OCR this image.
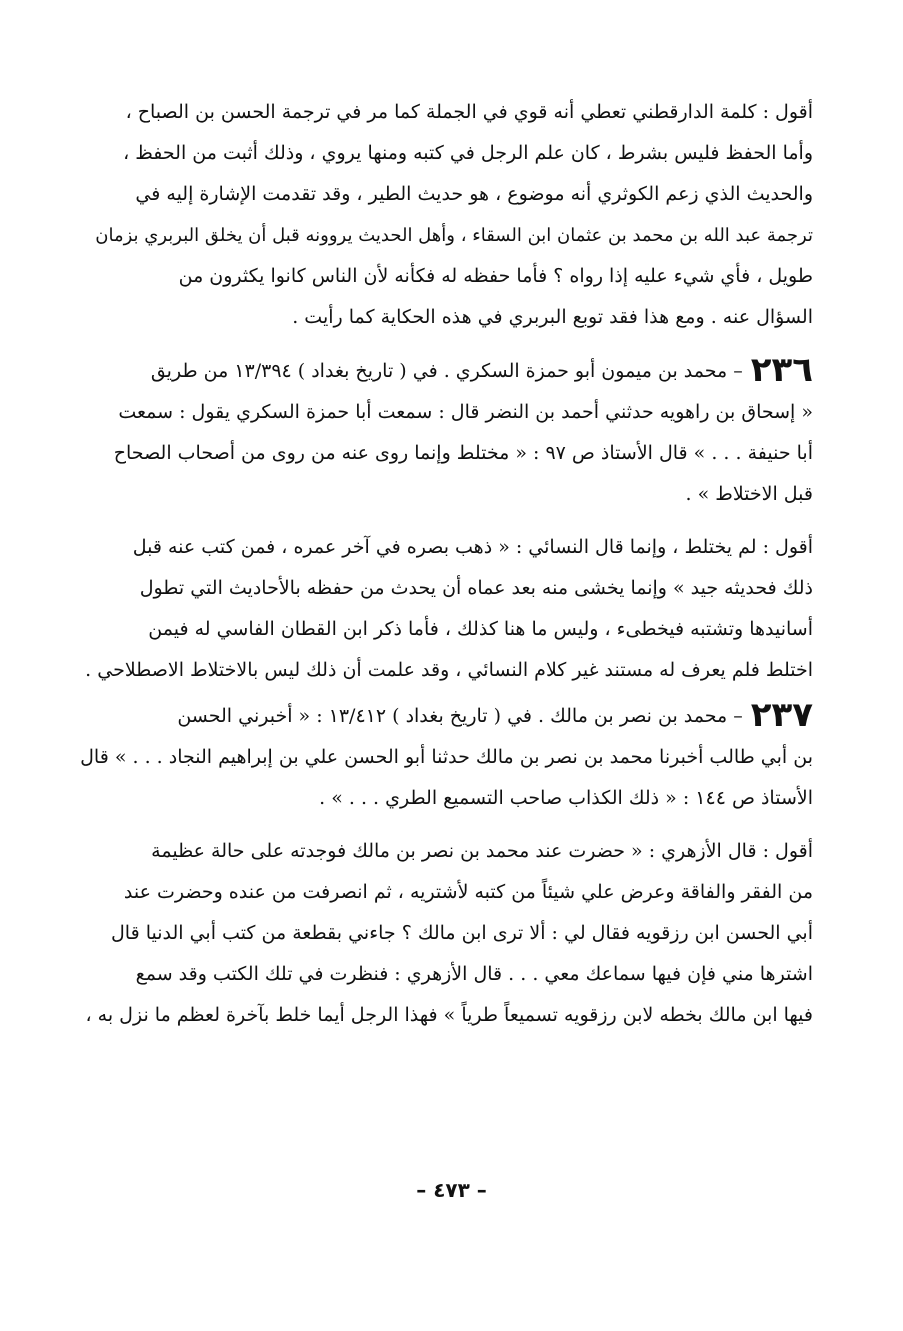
أقول : كلمة الدارقطني تعطي أنه قوي في الجملة كما مر في ترجمة الحسن بن الصباح ،

وأما الحفظ فليس بشرط ، كان علم الرجل في كتبه ومنها يروي ، وذلك أثبت من الحفظ ،

والحديث الذي زعم الكوثري أنه موضوع ، هو حديث الطير ، وقد تقدمت الإشارة إليه في

ترجمة عبد الله بن محمد بن عثمان ابن السقاء ، وأهل الحديث يروونه قبل أن يخلق البربري بزمان

طويل ، فأي شيء عليه إذا رواه ؟ فأما حفظه له فكأنه لأن الناس كانوا يكثرون من

السؤال عنه . ومع هذا فقد توبع البربري في هذه الحكاية كما رأيت .

٢٣٦– محمد بن ميمون أبو حمزة السكري . في ( تاريخ بغداد ) ١٣/٣٩٤ من طريق

« إسحاق بن راهويه حدثني أحمد بن النضر قال : سمعت أبا حمزة السكري يقول : سمعت

أبا حنيفة . . . » قال الأستاذ ص ٩٧ : « مختلط وإنما روى عنه من روى من أصحاب الصحاح

قبل الاختلاط » .

أقول : لم يختلط ، وإنما قال النسائي : « ذهب بصره في آخر عمره ، فمن كتب عنه قبل

ذلك فحديثه جيد » وإنما يخشى منه بعد عماه أن يحدث من حفظه بالأحاديث التي تطول

أسانيدها وتشتبه فيخطىء ، وليس ما هنا كذلك ، فأما ذكر ابن القطان الفاسي له فيمن

اختلط فلم يعرف له مستند غير كلام النسائي ، وقد علمت أن ذلك ليس بالاختلاط الاصطلاحي .

٢٣٧– محمد بن نصر بن مالك . في ( تاريخ بغداد ) ١٣/٤١٢ : « أخبرني الحسن

بن أبي طالب أخبرنا محمد بن نصر بن مالك حدثنا أبو الحسن علي بن إبراهيم النجاد . . . » قال

الأستاذ ص ١٤٤ : « ذلك الكذاب صاحب التسميع الطري . . . » .

أقول : قال الأزهري : « حضرت عند محمد بن نصر بن مالك فوجدته على حالة عظيمة

من الفقر والفاقة وعرض علي شيئاً من كتبه لأشتريه ، ثم انصرفت من عنده وحضرت عند

أبي الحسن ابن رزقويه فقال لي : ألا ترى ابن مالك ؟ جاءني بقطعة من كتب أبي الدنيا قال

اشترها مني فإن فيها سماعك معي . . . قال الأزهري : فنظرت في تلك الكتب وقد سمع

فيها ابن مالك بخطه لابن رزقويه تسميعاً طرياً » فهذا الرجل أيما خلط بآخرة لعظم ما نزل به ،

– ٤٧٣ –
